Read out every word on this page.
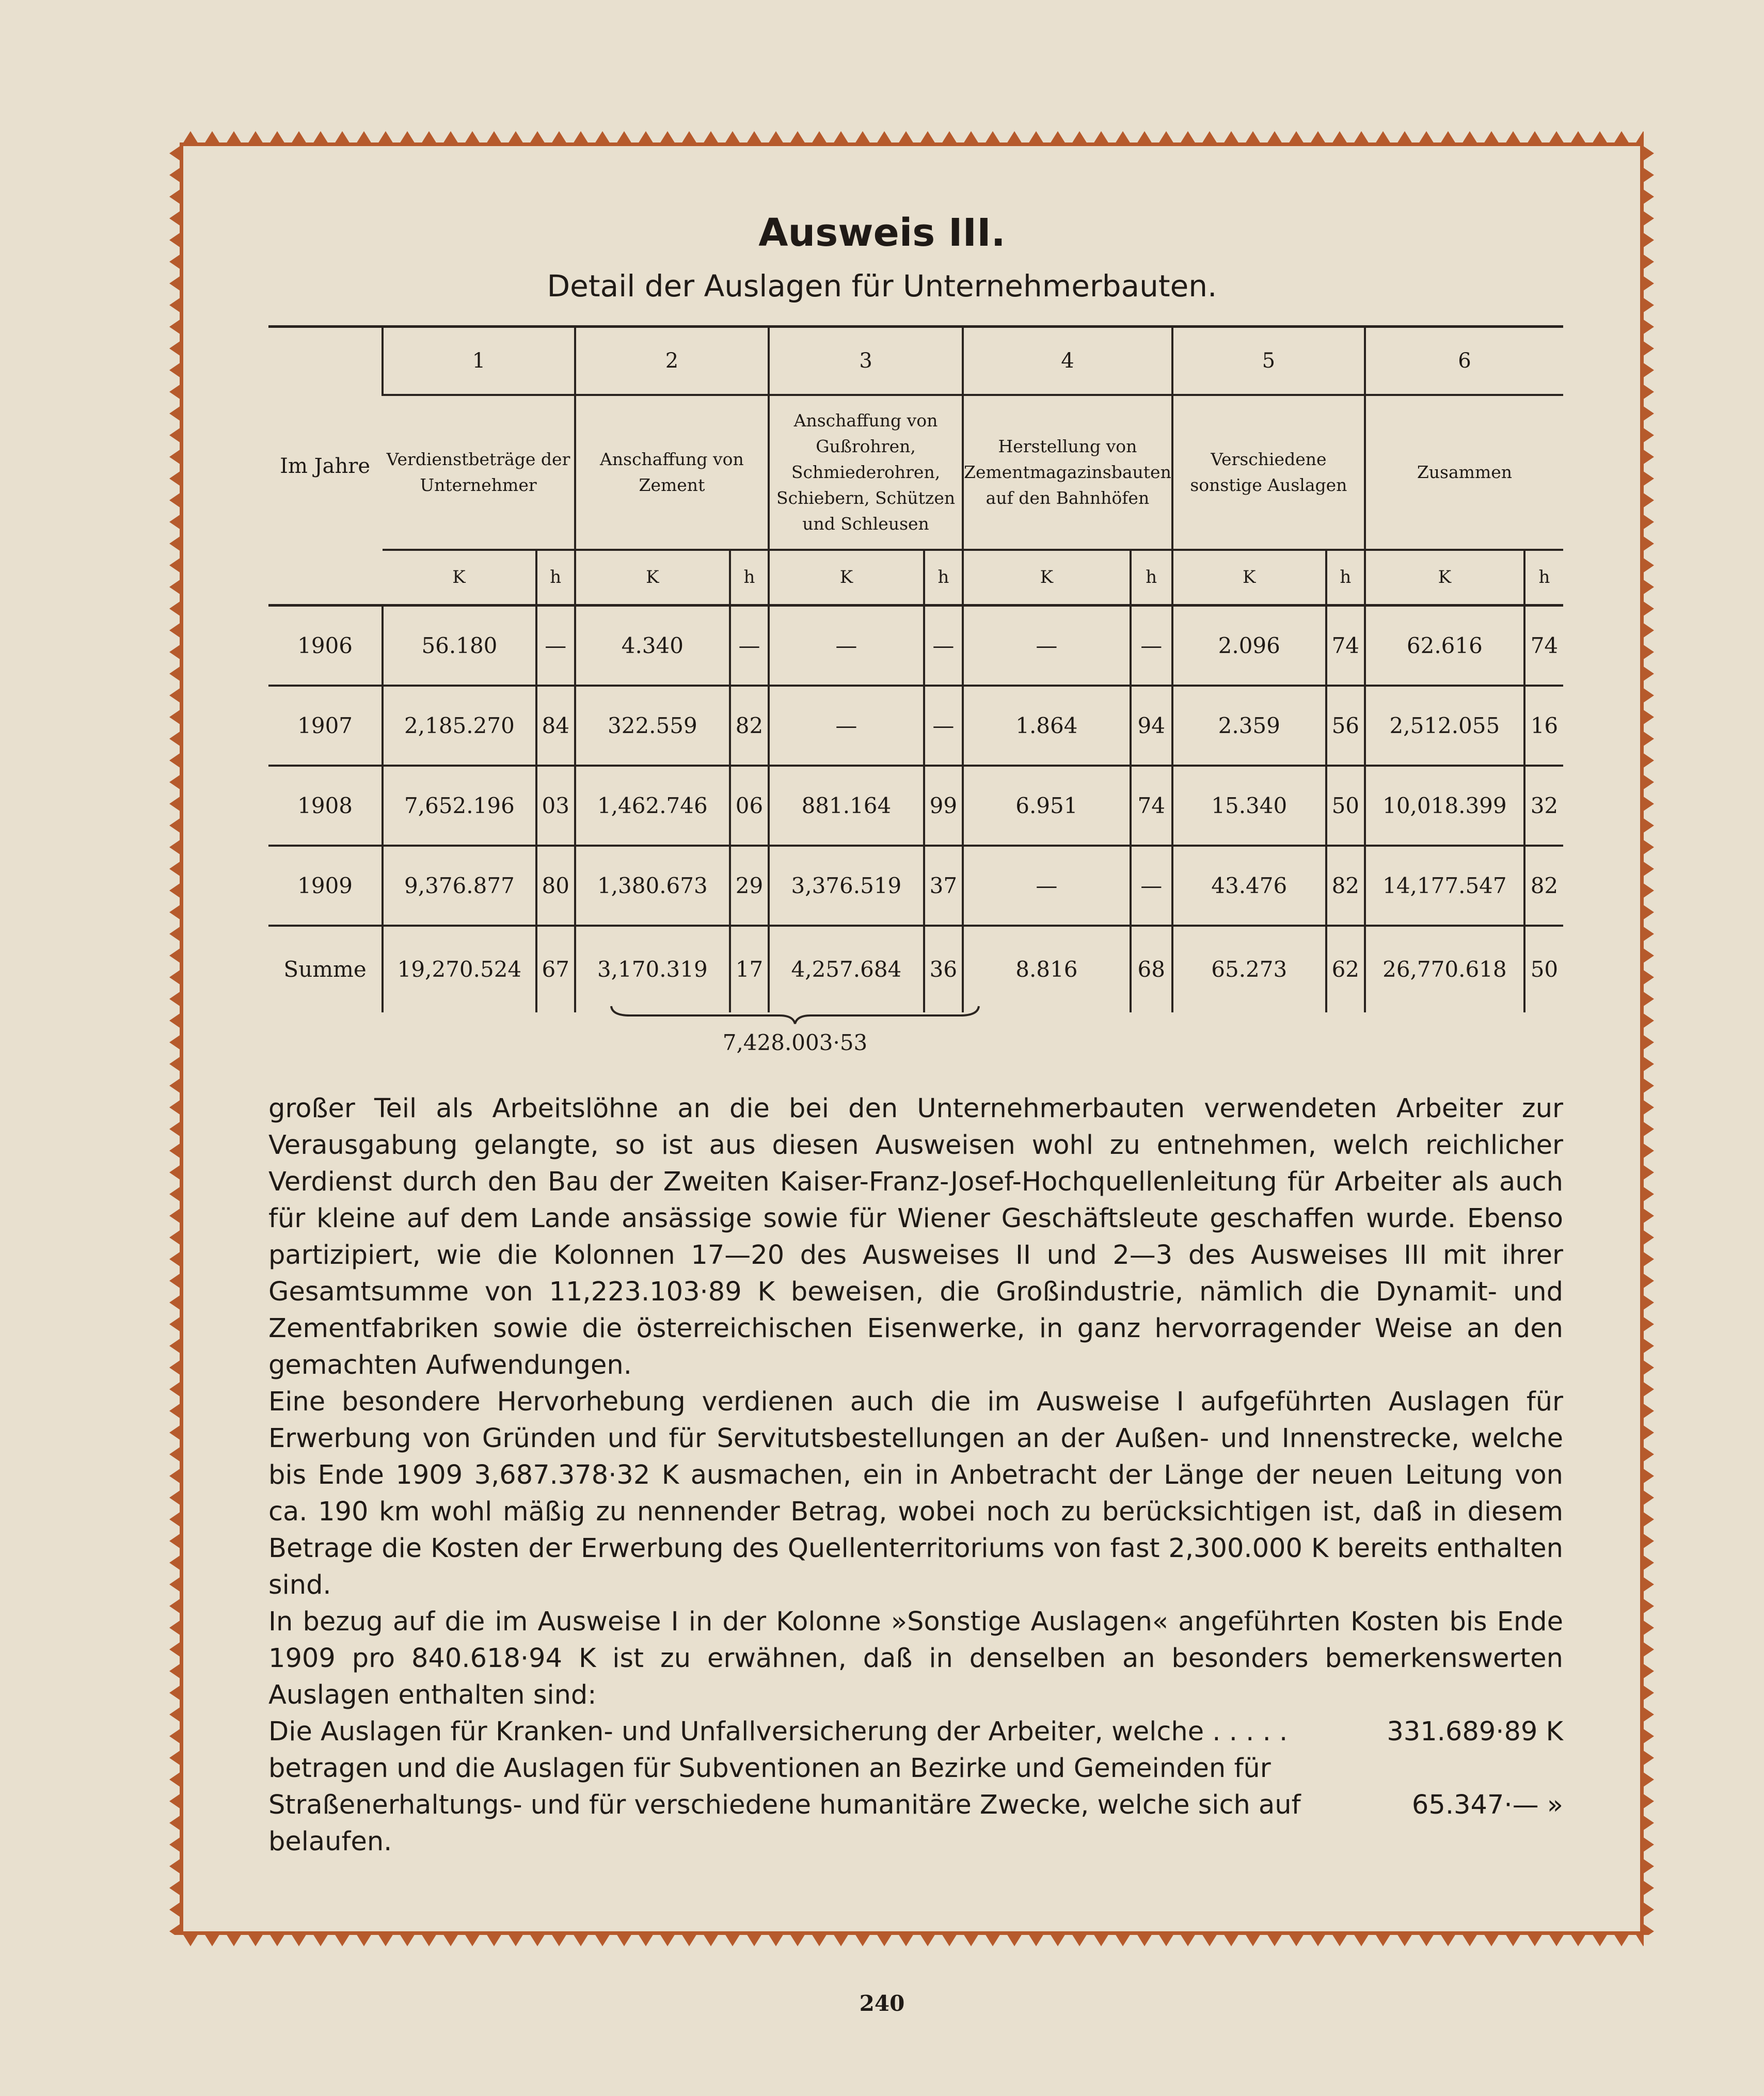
Ausweis III.
Detail der Auslagen für Unternehmerbauten.
Im Jahre	1		2		3		4		5		6	
	Verdienstbeträge der Unternehmer		Anschaffung von Zement		Anschaffung von Gußrohren, Schmiederohren, Schiebern, Schützen und Schleusen		Herstellung von Zementmagazinsbauten auf den Bahnhöfen		Verschiedene sonstige Auslagen		Zusammen	
	K	h	K	h	K	h	K	h	K	h	K	h
1906	56.180	—	4.340	—	—	—	—	—	2.096	74	62.616	74
1907	2,185.270	84	322.559	82	—	—	1.864	94	2.359	56	2,512.055	16
1908	7,652.196	03	1,462.746	06	881.164	99	6.951	74	15.340	50	10,018.399	32
1909	9,376.877	80	1,380.673	29	3,376.519	37	—	—	43.476	82	14,177.547	82
Summe	19,270.524	67	3,170.319	17	4,257.684	36	8.816	68	65.273	62	26,770.618	50
7,428.003·53

großer Teil als Arbeitslöhne an die bei den Unternehmerbauten verwendeten Arbeiter zur Verausgabung gelangte, so ist aus diesen Ausweisen wohl zu entnehmen, welch reichlicher Verdienst durch den Bau der Zweiten Kaiser-Franz-Josef-Hochquellenleitung für Arbeiter als auch für kleine auf dem Lande ansässige sowie für Wiener Geschäftsleute geschaffen wurde. Ebenso partizipiert, wie die Kolonnen 17—20 des Ausweises II und 2—3 des Ausweises III mit ihrer Gesamtsumme von 11,223.103·89 K beweisen, die Großindustrie, nämlich die Dynamit- und Zementfabriken sowie die österreichischen Eisenwerke, in ganz hervorragender Weise an den gemachten Aufwendungen.

Eine besondere Hervorhebung verdienen auch die im Ausweise I aufgeführten Auslagen für Erwerbung von Gründen und für Servitutsbestellungen an der Außen- und Innenstrecke, welche bis Ende 1909 3,687.378·32 K ausmachen, ein in Anbetracht der Länge der neuen Leitung von ca. 190 km wohl mäßig zu nennender Betrag, wobei noch zu berücksichtigen ist, daß in diesem Betrage die Kosten der Erwerbung des Quellenterritoriums von fast 2,300.000 K bereits enthalten sind.

In bezug auf die im Ausweise I in der Kolonne »Sonstige Auslagen« angeführten Kosten bis Ende 1909 pro 840.618·94 K ist zu erwähnen, daß in denselben an besonders bemerkenswerten Auslagen enthalten sind:

Die Auslagen für Kranken- und Unfallversicherung der Arbeiter, welche . . . . .	331.689·89 K
betragen und die Auslagen für Subventionen an Bezirke und Gemeinden für
Straßenerhaltungs- und für verschiedene humanitäre Zwecke, welche sich auf	65.347·— »
belaufen.
240
